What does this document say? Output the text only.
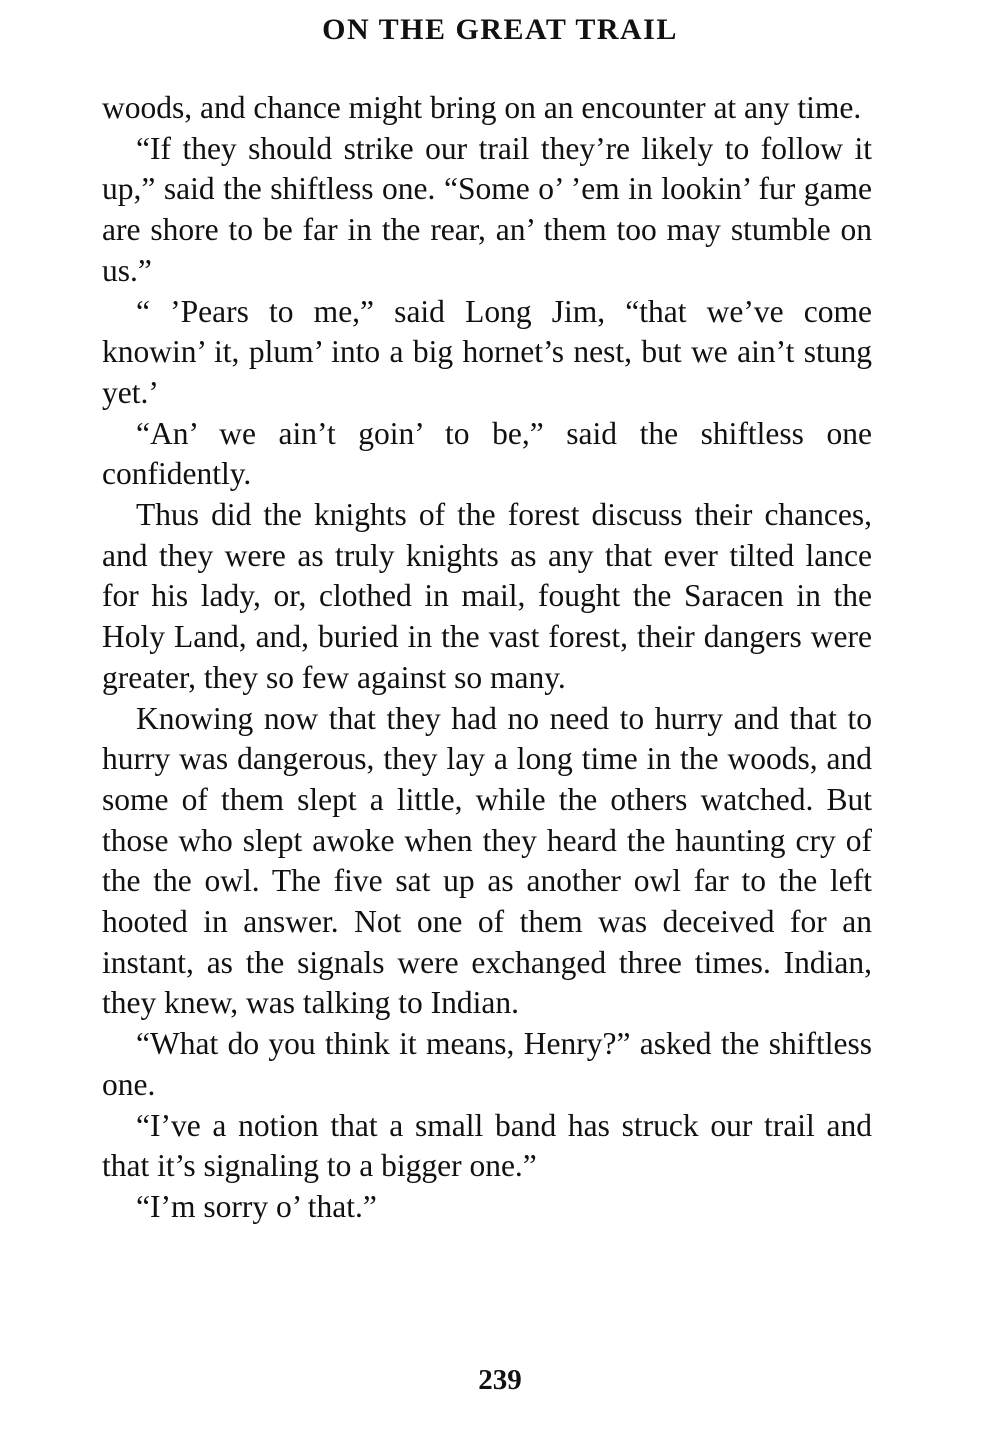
ON THE GREAT TRAIL

woods, and chance might bring on an encounter at any time.

“If they should strike our trail they’re likely to follow it up,” said the shiftless one. “Some o’ ’em in lookin’ fur game are shore to be far in the rear, an’ them too may stumble on us.”

“ ’Pears to me,” said Long Jim, “that we’ve come knowin’ it, plum’ into a big hornet’s nest, but we ain’t stung yet.’

“An’ we ain’t goin’ to be,” said the shiftless one confidently.

Thus did the knights of the forest discuss their chances, and they were as truly knights as any that ever tilted lance for his lady, or, clothed in mail, fought the Saracen in the Holy Land, and, buried in the vast forest, their dangers were greater, they so few against so many.

Knowing now that they had no need to hurry and that to hurry was dangerous, they lay a long time in the woods, and some of them slept a little, while the others watched. But those who slept awoke when they heard the haunting cry of the the owl. The five sat up as another owl far to the left hooted in answer. Not one of them was deceived for an instant, as the signals were exchanged three times. Indian, they knew, was talking to Indian.

“What do you think it means, Henry?” asked the shiftless one.

“I’ve a notion that a small band has struck our trail and that it’s signaling to a bigger one.”

“I’m sorry o’ that.”

239
